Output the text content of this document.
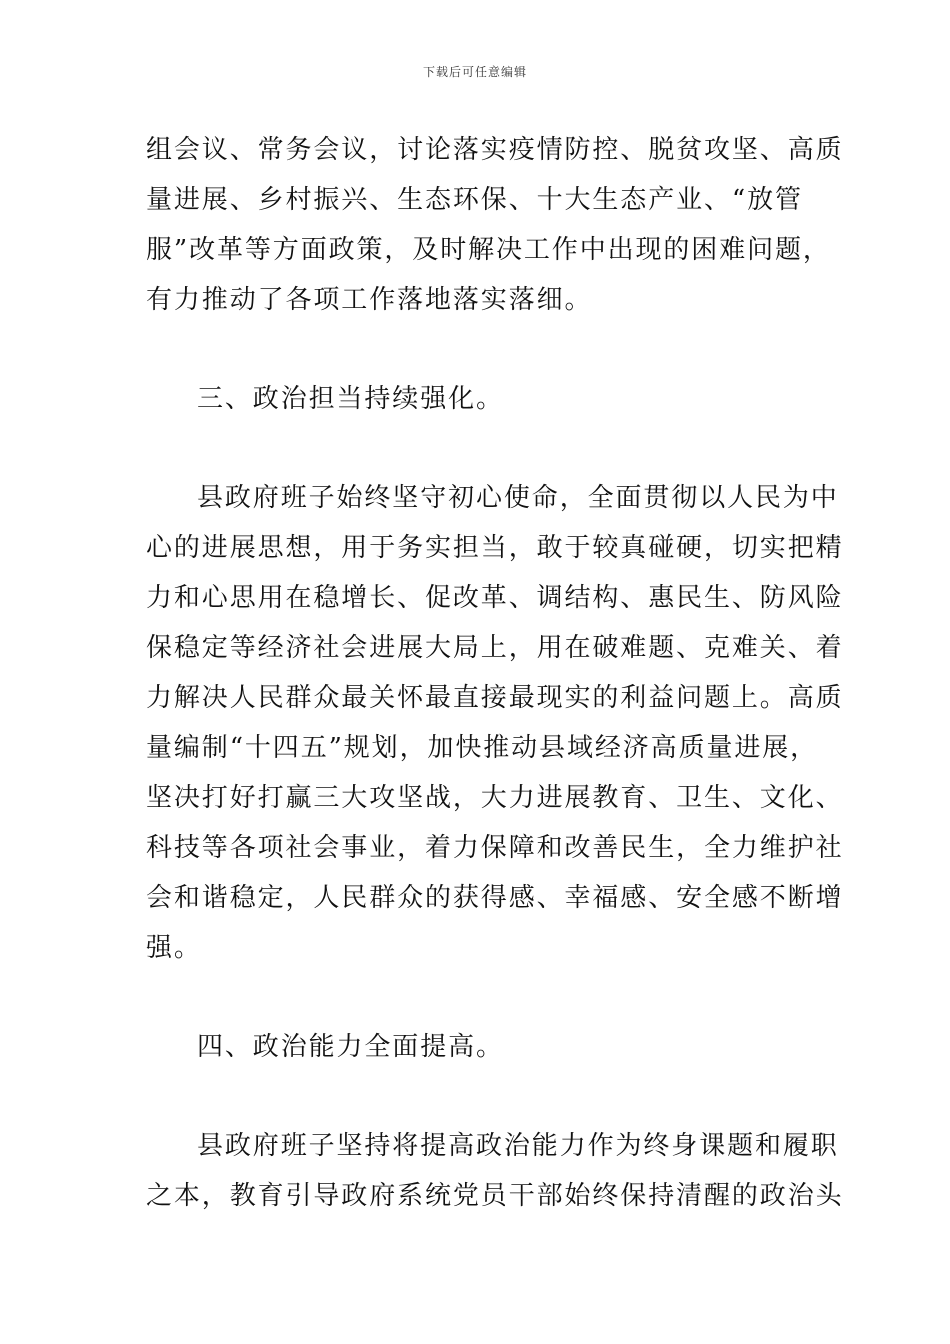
下载后可任意编辑
组会议、常务会议，讨论落实疫情防控、脱贫攻坚、高质
量进展、乡村振兴、生态环保、十大生态产业、“放管
服”改革等方面政策，及时解决工作中出现的困难问题，
有力推动了各项工作落地落实落细。
三、政治担当持续强化。
县政府班子始终坚守初心使命，全面贯彻以人民为中
心的进展思想，用于务实担当，敢于较真碰硬，切实把精
力和心思用在稳增长、促改革、调结构、惠民生、防风险
保稳定等经济社会进展大局上，用在破难题、克难关、着
力解决人民群众最关怀最直接最现实的利益问题上。高质
量编制“十四五”规划，加快推动县域经济高质量进展，
坚决打好打赢三大攻坚战，大力进展教育、卫生、文化、
科技等各项社会事业，着力保障和改善民生，全力维护社
会和谐稳定，人民群众的获得感、幸福感、安全感不断增
强。
四、政治能力全面提高。
县政府班子坚持将提高政治能力作为终身课题和履职
之本，教育引导政府系统党员干部始终保持清醒的政治头
